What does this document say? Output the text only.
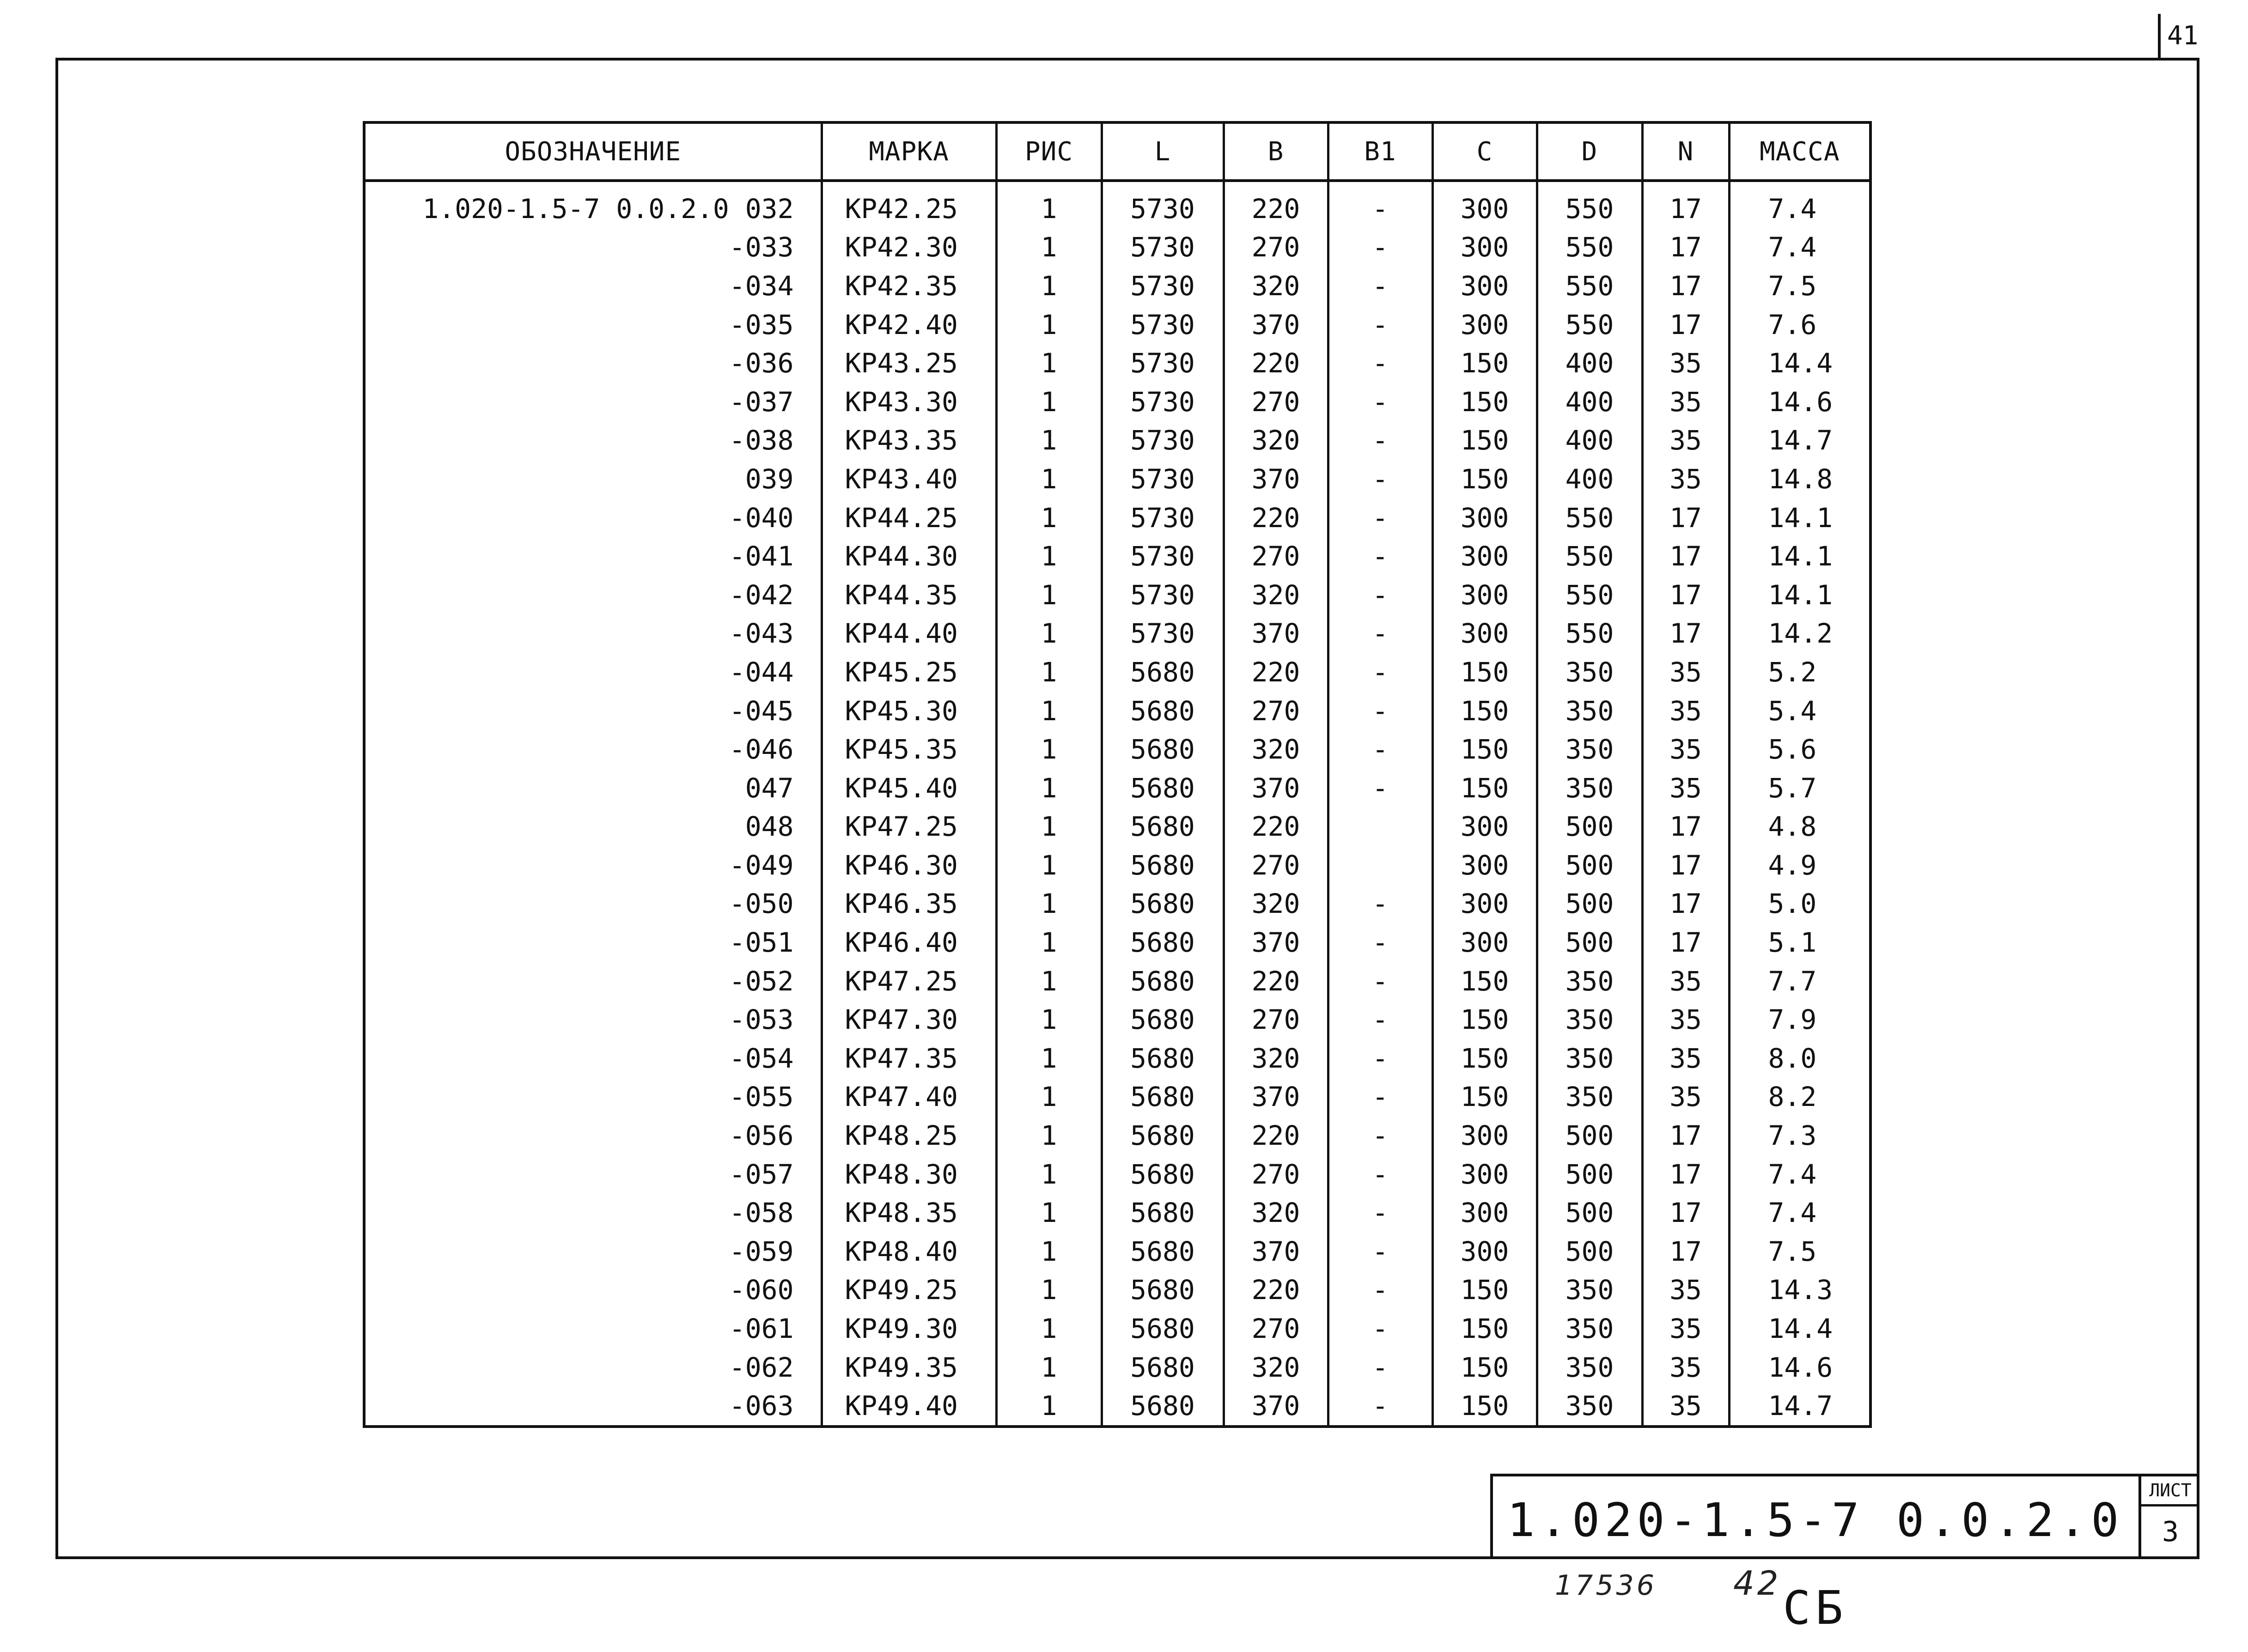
41
ОБОЗНАЧЕНИЕ	МАРКА	РИС	L	B	B1	C	D	N	МАССА
1.020-1.5-7 0.0.2.0 032	KP42.25	1	5730	220	-	300	550	17	7.4
-033	KP42.30	1	5730	270	-	300	550	17	7.4
-034	KP42.35	1	5730	320	-	300	550	17	7.5
-035	KP42.40	1	5730	370	-	300	550	17	7.6
-036	KP43.25	1	5730	220	-	150	400	35	14.4
-037	KP43.30	1	5730	270	-	150	400	35	14.6
-038	KP43.35	1	5730	320	-	150	400	35	14.7
039	KP43.40	1	5730	370	-	150	400	35	14.8
-040	KP44.25	1	5730	220	-	300	550	17	14.1
-041	KP44.30	1	5730	270	-	300	550	17	14.1
-042	KP44.35	1	5730	320	-	300	550	17	14.1
-043	KP44.40	1	5730	370	-	300	550	17	14.2
-044	KP45.25	1	5680	220	-	150	350	35	5.2
-045	KP45.30	1	5680	270	-	150	350	35	5.4
-046	KP45.35	1	5680	320	-	150	350	35	5.6
047	KP45.40	1	5680	370	-	150	350	35	5.7
048	KP47.25	1	5680	220		300	500	17	4.8
-049	KP46.30	1	5680	270		300	500	17	4.9
-050	KP46.35	1	5680	320	-	300	500	17	5.0
-051	KP46.40	1	5680	370	-	300	500	17	5.1
-052	KP47.25	1	5680	220	-	150	350	35	7.7
-053	KP47.30	1	5680	270	-	150	350	35	7.9
-054	KP47.35	1	5680	320	-	150	350	35	8.0
-055	KP47.40	1	5680	370	-	150	350	35	8.2
-056	KP48.25	1	5680	220	-	300	500	17	7.3
-057	KP48.30	1	5680	270	-	300	500	17	7.4
-058	KP48.35	1	5680	320	-	300	500	17	7.4
-059	KP48.40	1	5680	370	-	300	500	17	7.5
-060	KP49.25	1	5680	220	-	150	350	35	14.3
-061	KP49.30	1	5680	270	-	150	350	35	14.4
-062	KP49.35	1	5680	320	-	150	350	35	14.6
-063	KP49.40	1	5680	370	-	150	350	35	14.7
1.020-1.5-7 0.0.2.0 СБ
ЛИСТ
3
17536 42
